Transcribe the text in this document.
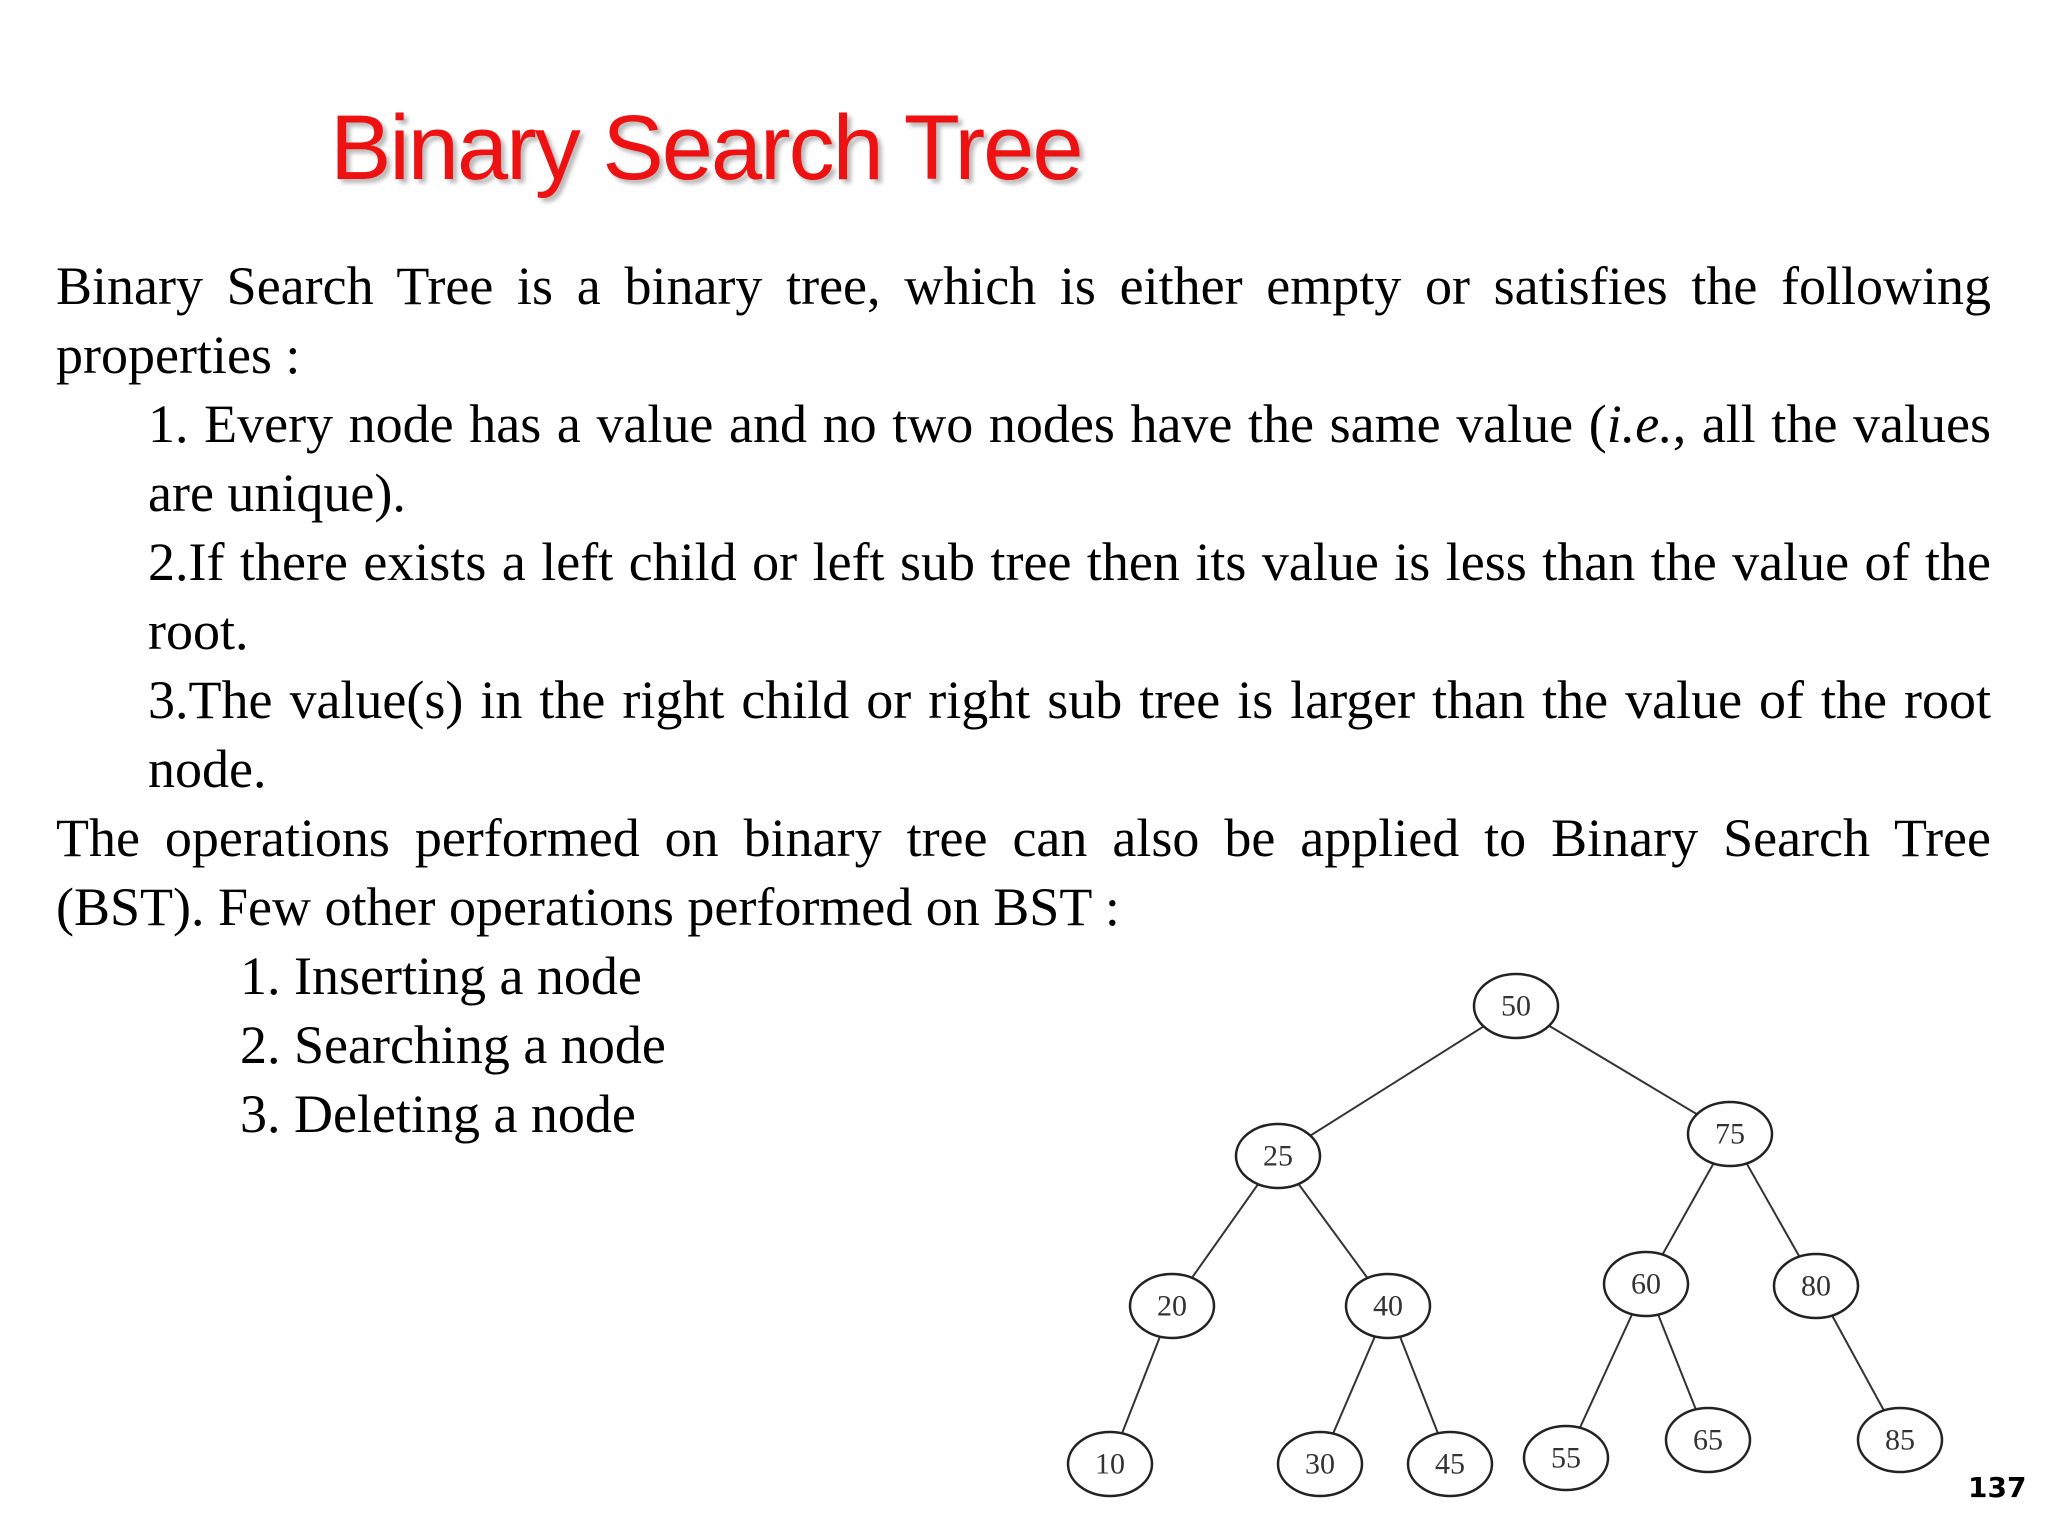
Binary Search Tree

Binary Search Tree is a binary tree, which is either empty or satisfies the following properties :

1. Every node has a value and no two nodes have the same value (i.e., all the values are unique).

2.If there exists a left child or left sub tree then its value is less than the value of the root.

3.The value(s) in the right child or right sub tree is larger than the value of the root node.

The operations performed on binary tree can also be applied to Binary Search Tree (BST). Few other operations performed on BST :

1. Inserting a node

2. Searching a node

3. Deleting a node

50
25
75
20	40
60	80
10	30	45	55
65	85
137
